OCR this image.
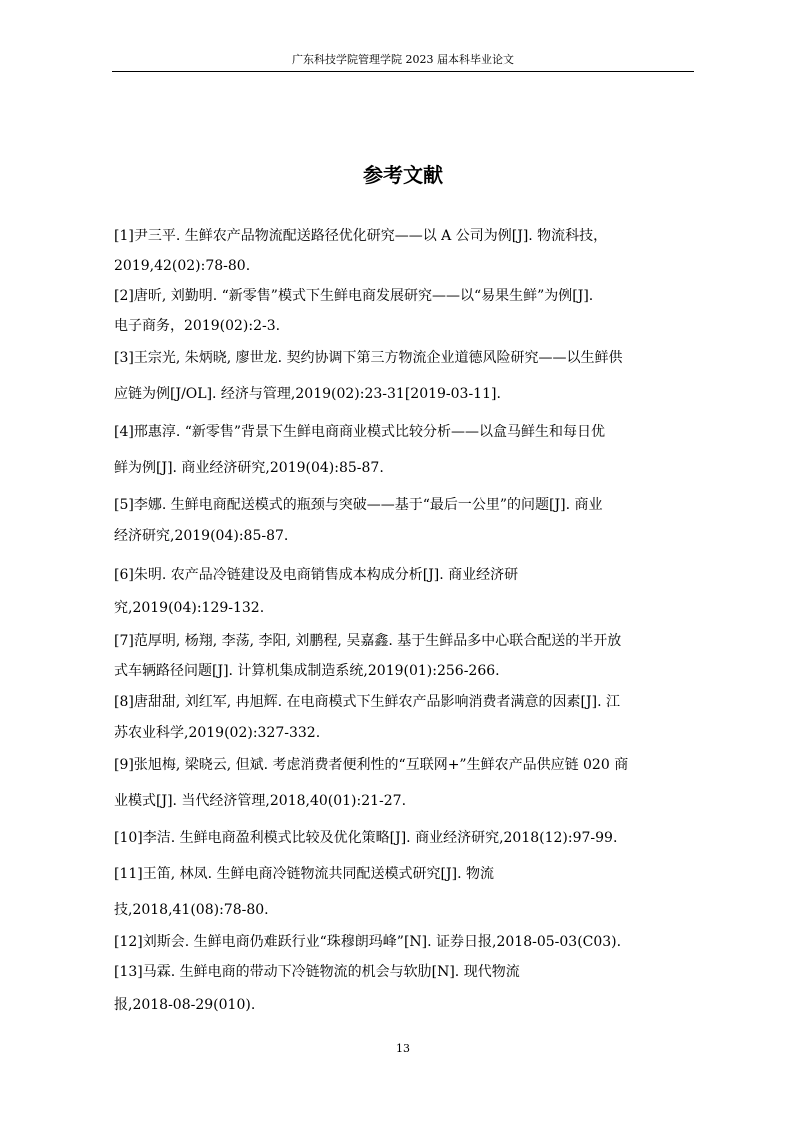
广东科技学院管理学院 2023 届本科毕业论文
参考文献
[1]尹三平. 生鲜农产品物流配送路径优化研究——以 A 公司为例[J]. 物流科技，
2019,42(02):78-80.
[2]唐昕, 刘勤明. “新零售”模式下生鲜电商发展研究——以“易果生鲜”为例[J].
电子商务，2019(02):2-3.
[3]王宗光, 朱炳晓, 廖世龙. 契约协调下第三方物流企业道德风险研究——以生鲜供
应链为例[J/OL]. 经济与管理,2019(02):23-31[2019-03-11].
[4]邢惠淳. “新零售”背景下生鲜电商商业模式比较分析——以盒马鲜生和每日优
鲜为例[J]. 商业经济研究,2019(04):85-87.
[5]李娜. 生鲜电商配送模式的瓶颈与突破——基于“最后一公里”的问题[J]. 商业
经济研究,2019(04):85-87.
[6]朱明. 农产品冷链建设及电商销售成本构成分析[J]. 商业经济研
究,2019(04):129-132.
[7]范厚明, 杨翔, 李荡, 李阳, 刘鹏程, 吴嘉鑫. 基于生鲜品多中心联合配送的半开放
式车辆路径问题[J]. 计算机集成制造系统,2019(01):256-266.
[8]唐甜甜, 刘红军, 冉旭辉. 在电商模式下生鲜农产品影响消费者满意的因素[J]. 江
苏农业科学,2019(02):327-332.
[9]张旭梅, 梁晓云, 但斌. 考虑消费者便利性的“互联网+”生鲜农产品供应链 020 商
业模式[J]. 当代经济管理,2018,40(01):21-27.
[10]李洁. 生鲜电商盈利模式比较及优化策略[J]. 商业经济研究,2018(12):97-99.
[11]王笛, 林凤. 生鲜电商冷链物流共同配送模式研究[J]. 物流
技,2018,41(08):78-80.
[12]刘斯会. 生鲜电商仍难跃行业“珠穆朗玛峰”[N]. 证券日报,2018-05-03(C03).
[13]马霖. 生鲜电商的带动下冷链物流的机会与软肋[N]. 现代物流
报,2018-08-29(010).
13
